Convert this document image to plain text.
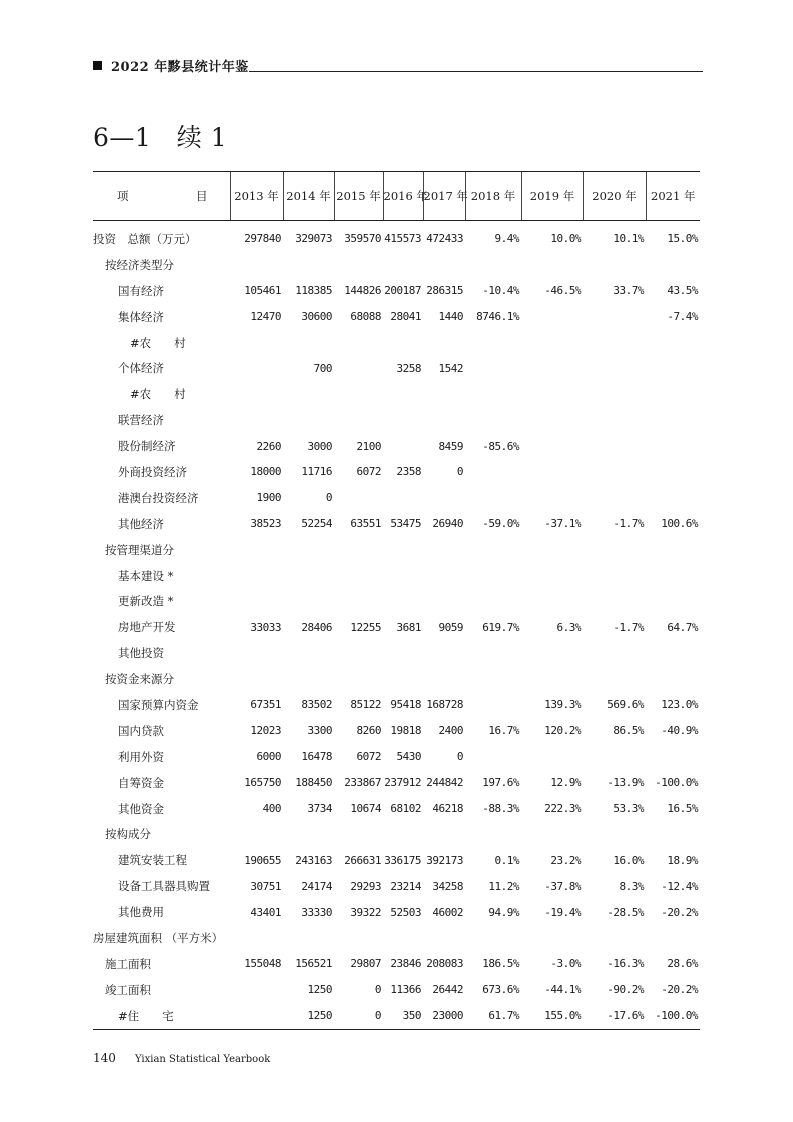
2022 年黟县统计年鉴
6—1　续 1
项 目	2013 年	2014 年	2015 年	2016 年	2017 年	2018 年	2019 年	2020 年	2021 年
投资　总额（万元）	297840	329073	359570	415573	472433	9.4%	10.0%	10.1%	15.0%
按经济类型分									
国有经济	105461	118385	144826	200187	286315	-10.4%	-46.5%	33.7%	43.5%
集体经济	12470	30600	68088	28041	1440	8746.1%			-7.4%
#农　　村									
个体经济		700		3258	1542				
#农　　村									
联营经济									
股份制经济	2260	3000	2100		8459	-85.6%			
外商投资经济	18000	11716	6072	2358	0				
港澳台投资经济	1900	0							
其他经济	38523	52254	63551	53475	26940	-59.0%	-37.1%	-1.7%	100.6%
按管理渠道分									
基本建设 *									
更新改造 *									
房地产开发	33033	28406	12255	3681	9059	619.7%	6.3%	-1.7%	64.7%
其他投资									
按资金来源分									
国家预算内资金	67351	83502	85122	95418	168728		139.3%	569.6%	123.0%
国内贷款	12023	3300	8260	19818	2400	16.7%	120.2%	86.5%	-40.9%
利用外资	6000	16478	6072	5430	0				
自筹资金	165750	188450	233867	237912	244842	197.6%	12.9%	-13.9%	-100.0%
其他资金	400	3734	10674	68102	46218	-88.3%	222.3%	53.3%	16.5%
按构成分									
建筑安装工程	190655	243163	266631	336175	392173	0.1%	23.2%	16.0%	18.9%
设备工具器具购置	30751	24174	29293	23214	34258	11.2%	-37.8%	8.3%	-12.4%
其他费用	43401	33330	39322	52503	46002	94.9%	-19.4%	-28.5%	-20.2%
房屋建筑面积 （平方米）									
施工面积	155048	156521	29807	23846	208083	186.5%	-3.0%	-16.3%	28.6%
竣工面积		1250	0	11366	26442	673.6%	-44.1%	-90.2%	-20.2%
#住　　宅		1250	0	350	23000	61.7%	155.0%	-17.6%	-100.0%
140 Yixian Statistical Yearbook
